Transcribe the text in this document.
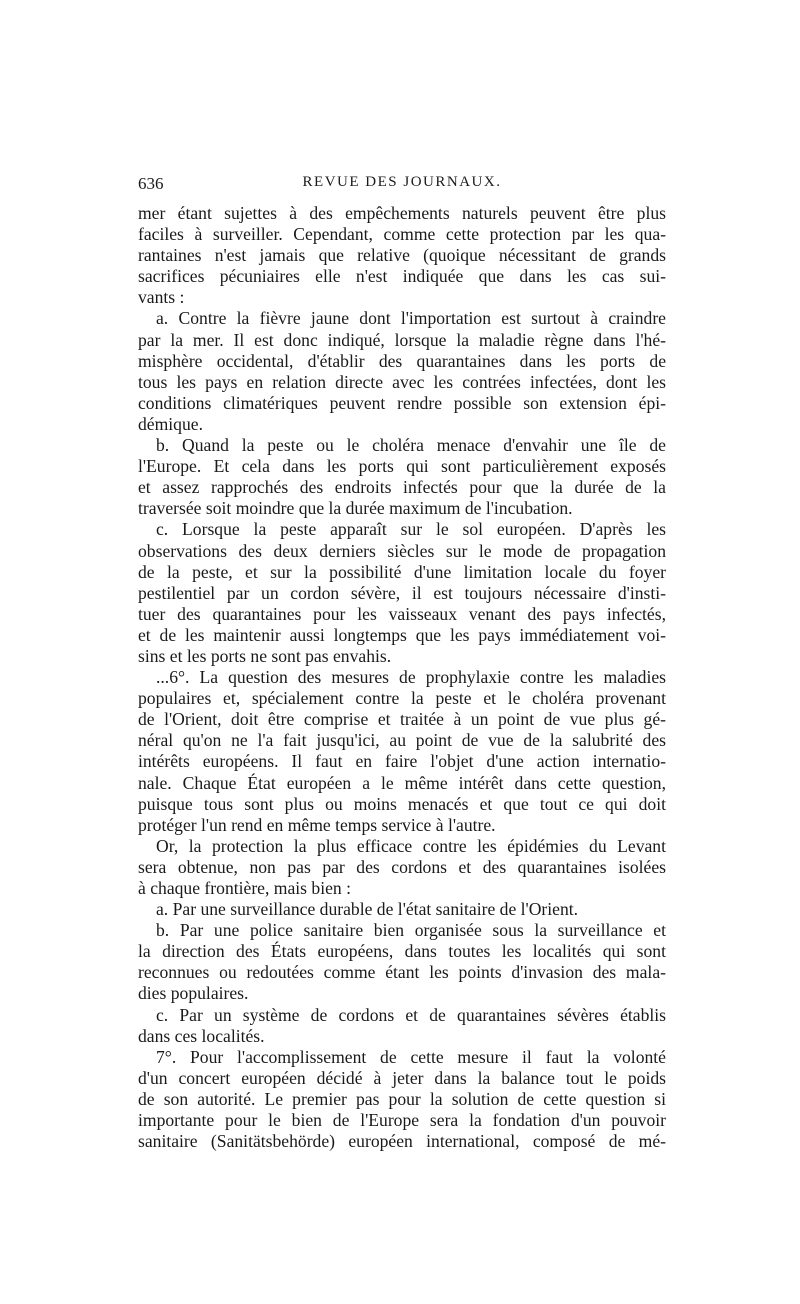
636	REVUE DES JOURNAUX.
mer étant sujettes à des empêchements naturels peuvent être plus
faciles à surveiller. Cependant, comme cette protection par les qua-
rantaines n'est jamais que relative (quoique nécessitant de grands
sacrifices pécuniaires elle n'est indiquée que dans les cas sui-
vants :
a. Contre la fièvre jaune dont l'importation est surtout à craindre
par la mer. Il est donc indiqué, lorsque la maladie règne dans l'hé-
misphère occidental, d'établir des quarantaines dans les ports de
tous les pays en relation directe avec les contrées infectées, dont les
conditions climatériques peuvent rendre possible son extension épi-
démique.
b. Quand la peste ou le choléra menace d'envahir une île de
l'Europe. Et cela dans les ports qui sont particulièrement exposés
et assez rapprochés des endroits infectés pour que la durée de la
traversée soit moindre que la durée maximum de l'incubation.
c. Lorsque la peste apparaît sur le sol européen. D'après les
observations des deux derniers siècles sur le mode de propagation
de la peste, et sur la possibilité d'une limitation locale du foyer
pestilentiel par un cordon sévère, il est toujours nécessaire d'insti-
tuer des quarantaines pour les vaisseaux venant des pays infectés,
et de les maintenir aussi longtemps que les pays immédiatement voi-
sins et les ports ne sont pas envahis.
...6°. La question des mesures de prophylaxie contre les maladies
populaires et, spécialement contre la peste et le choléra provenant
de l'Orient, doit être comprise et traitée à un point de vue plus gé-
néral qu'on ne l'a fait jusqu'ici, au point de vue de la salubrité des
intérêts européens. Il faut en faire l'objet d'une action internatio-
nale. Chaque État européen a le même intérêt dans cette question,
puisque tous sont plus ou moins menacés et que tout ce qui doit
protéger l'un rend en même temps service à l'autre.
Or, la protection la plus efficace contre les épidémies du Levant
sera obtenue, non pas par des cordons et des quarantaines isolées
à chaque frontière, mais bien :
a. Par une surveillance durable de l'état sanitaire de l'Orient.
b. Par une police sanitaire bien organisée sous la surveillance et
la direction des États européens, dans toutes les localités qui sont
reconnues ou redoutées comme étant les points d'invasion des mala-
dies populaires.
c. Par un système de cordons et de quarantaines sévères établis
dans ces localités.
7°. Pour l'accomplissement de cette mesure il faut la volonté
d'un concert européen décidé à jeter dans la balance tout le poids
de son autorité. Le premier pas pour la solution de cette question si
importante pour le bien de l'Europe sera la fondation d'un pouvoir
sanitaire (Sanitätsbehörde) européen international, composé de mé-
